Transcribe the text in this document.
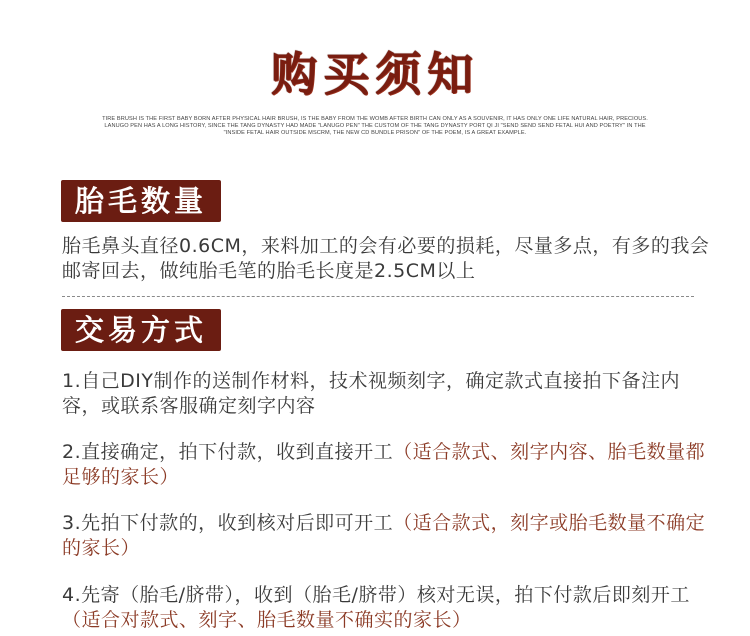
购买须知
TIRE BRUSH IS THE FIRST BABY BORN AFTER PHYSICAL HAIR BRUSH, IS THE BABY FROM THE WOMB AFTER BIRTH CAN ONLY AS A SOUVENIR, IT HAS ONLY ONE LIFE NATURAL HAIR, PRECIOUS.
LANUGO PEN HAS A LONG HISTORY, SINCE THE TANG DYNASTY HAD MADE "LANUGO PEN" THE CUSTOM OF THE TANG DYNASTY PORT QI JI "SEND SEND SEND FETAL HUI AND POETRY" IN THE
"INSIDE FETAL HAIR OUTSIDE MSCRM, THE NEW CD BUNDLE PRISON" OF THE POEM, IS A GREAT EXAMPLE.
胎毛数量
胎毛鼻头直径0.6CM，来料加工的会有必要的损耗，尽量多点，有多的我会邮寄回去，做纯胎毛笔的胎毛长度是2.5CM以上
交易方式
1.自己DIY制作的送制作材料，技术视频刻字，确定款式直接拍下备注内容，或联系客服确定刻字内容
2.直接确定，拍下付款，收到直接开工（适合款式、刻字内容、胎毛数量都足够的家长）
3.先拍下付款的，收到核对后即可开工（适合款式，刻字或胎毛数量不确定的家长）
4.先寄（胎毛/脐带），收到（胎毛/脐带）核对无误，拍下付款后即刻开工（适合对款式、刻字、胎毛数量不确实的家长）
